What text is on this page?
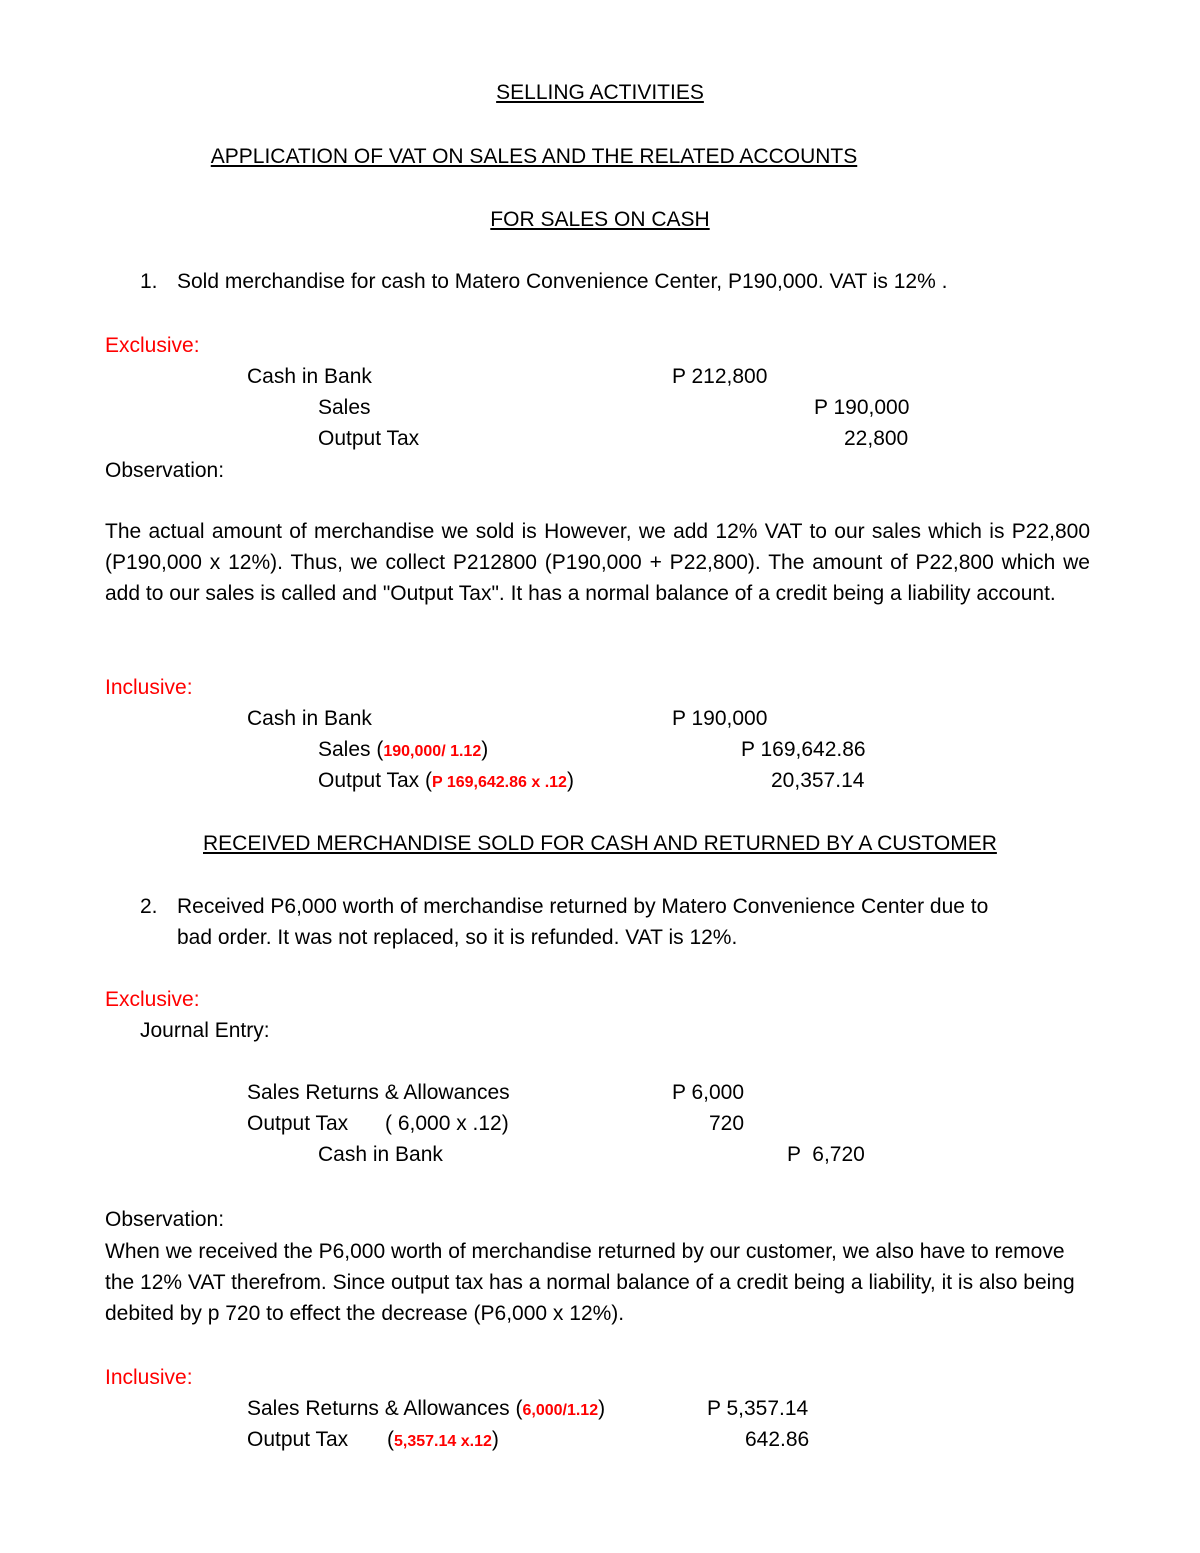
SELLING ACTIVITIES
APPLICATION OF VAT ON SALES AND THE RELATED ACCOUNTS
FOR SALES ON CASH
1. Sold merchandise for cash to Matero Convenience Center, P190,000. VAT is 12% .
Exclusive:
Cash in Bank	P 212,800
Sales	P 190,000
Output Tax	22,800
Observation:
The actual amount of merchandise we sold is However, we add 12% VAT to our sales which is P22,800 (P190,000 x 12%). Thus, we collect P212800 (P190,000 + P22,800). The amount of P22,800 which we add to our sales is called and "Output Tax". It has a normal balance of a credit being a liability account.
Inclusive:
Cash in Bank	P 190,000
Sales (190,000/ 1.12)	P 169,642.86
Output Tax (P 169,642.86 x .12)	20,357.14
RECEIVED MERCHANDISE SOLD FOR CASH AND RETURNED BY A CUSTOMER
2. Received P6,000 worth of merchandise returned by Matero Convenience Center due to
bad order. It was not replaced, so it is refunded. VAT is 12%.
Exclusive:
Journal Entry:
Sales Returns & Allowances	P 6,000
Output Tax ( 6,000 x .12)	720
Cash in Bank	P  6,720
Observation:
When we received the P6,000 worth of merchandise returned by our customer, we also have to remove the 12% VAT therefrom. Since output tax has a normal balance of a credit being a liability, it is also being debited by p 720 to effect the decrease (P6,000 x 12%).
Inclusive:
Sales Returns & Allowances (6,000/1.12)	P 5,357.14
Output Tax (5,357.14 x.12)	642.86
